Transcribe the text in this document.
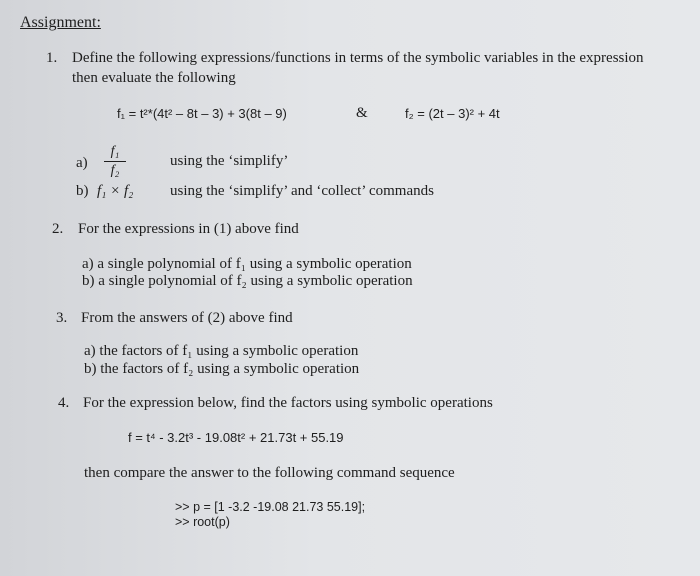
Assignment:
1. Define the following expressions/functions in terms of the symbolic variables in the expression
then evaluate the following
f₁ = t²*(4t² – 8t – 3) + 3(8t – 9)	&	f₂ = (2t – 3)² + 4t
a)
f₁
f₂
using the ‘simplify’
b) f₁ × f₂ using the ‘simplify’ and ‘collect’ commands
2. For the expressions in (1) above find
a) a single polynomial of f₁ using a symbolic operation
b) a single polynomial of f₂ using a symbolic operation
3. From the answers of (2) above find
a) the factors of f₁ using a symbolic operation
b) the factors of f₂ using a symbolic operation
4. For the expression below, find the factors using symbolic operations
f = t⁴ - 3.2t³ - 19.08t² + 21.73t + 55.19
then compare the answer to the following command sequence
>> p = [1 -3.2 -19.08 21.73 55.19];
>> root(p)
